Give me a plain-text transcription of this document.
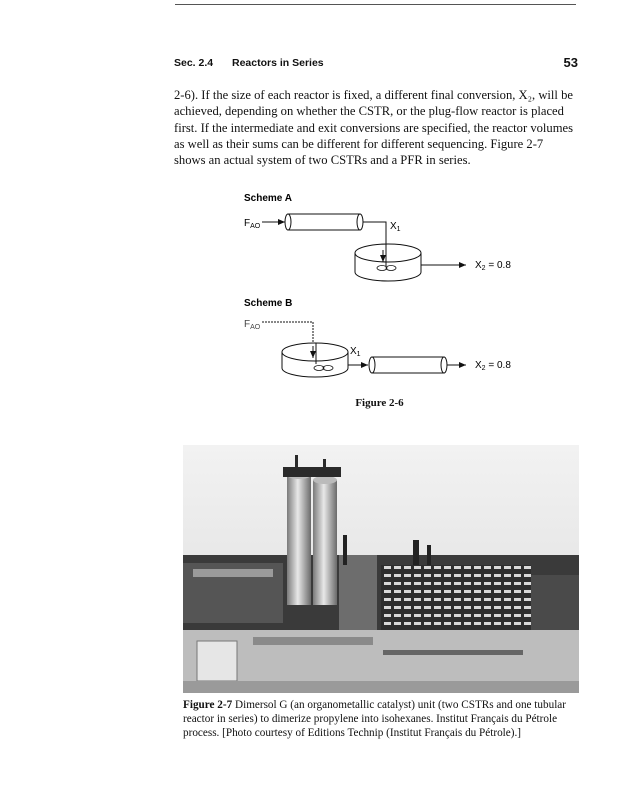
Sec. 2.4 Reactors in Series	53
2-6). If the size of each reactor is fixed, a different final conversion, X₂, will be
achieved, depending on whether the CSTR, or the plug-flow reactor is placed
first. If the intermediate and exit conversions are specified, the reactor volumes
as well as their sums can be different for different sequencing. Figure 2-7
shows an actual system of two CSTRs and a PFR in series.
Scheme A
$F_{AO}$	$X_1$
$X_2 = 0.8$
Scheme B
$F_{AO}$
$X_1$
$X_2 = 0.8$
Figure 2-6
Figure 2-7 Dimersol G (an organometallic catalyst) unit (two CSTRs and one tubular reactor in series) to dimerize propylene into isohexanes. Institut Français du Pétrole process. [Photo courtesy of Editions Technip (Institut Français du Pétrole).]
